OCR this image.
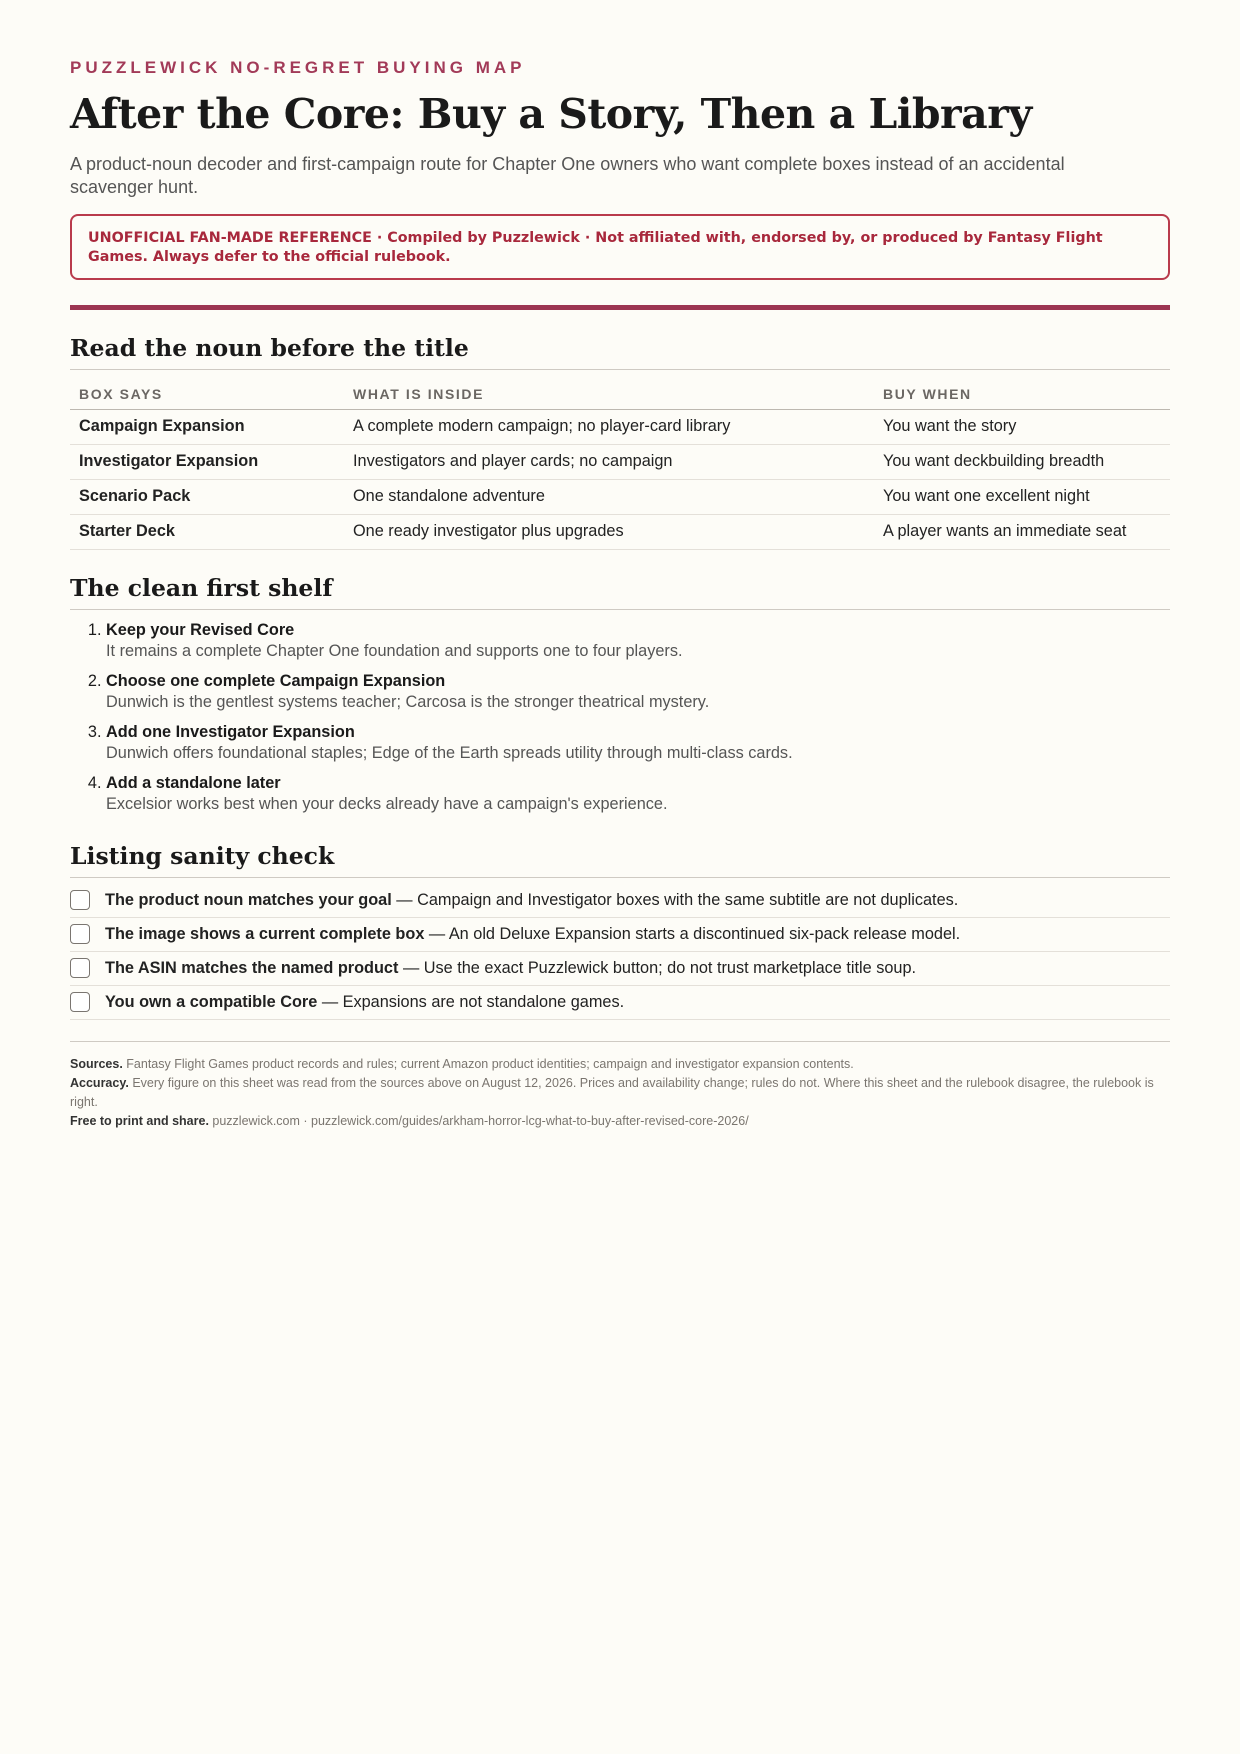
PUZZLEWICK NO-REGRET BUYING MAP

After the Core: Buy a Story, Then a Library

A product-noun decoder and first-campaign route for Chapter One owners who want complete boxes instead of an accidental scavenger hunt.

UNOFFICIAL FAN-MADE REFERENCE · Compiled by Puzzlewick · Not affiliated with, endorsed by, or produced by Fantasy Flight Games. Always defer to the official rulebook.
Read the noun before the title
BOX SAYS	WHAT IS INSIDE	BUY WHEN
Campaign Expansion	A complete modern campaign; no player-card library	You want the story
Investigator Expansion	Investigators and player cards; no campaign	You want deckbuilding breadth
Scenario Pack	One standalone adventure	You want one excellent night
Starter Deck	One ready investigator plus upgrades	A player wants an immediate seat
The clean first shelf
1. Keep your Revised Core
It remains a complete Chapter One foundation and supports one to four players.
2. Choose one complete Campaign Expansion
Dunwich is the gentlest systems teacher; Carcosa is the stronger theatrical mystery.
3. Add one Investigator Expansion
Dunwich offers foundational staples; Edge of the Earth spreads utility through multi-class cards.
4. Add a standalone later
Excelsior works best when your decks already have a campaign's experience.
Listing sanity check
The product noun matches your goal — Campaign and Investigator boxes with the same subtitle are not duplicates.
The image shows a current complete box — An old Deluxe Expansion starts a discontinued six-pack release model.
The ASIN matches the named product — Use the exact Puzzlewick button; do not trust marketplace title soup.
You own a compatible Core — Expansions are not standalone games.
Sources. Fantasy Flight Games product records and rules; current Amazon product identities; campaign and investigator expansion contents.
Accuracy. Every figure on this sheet was read from the sources above on August 12, 2026. Prices and availability change; rules do not. Where this sheet and the rulebook disagree, the rulebook is right.
Free to print and share. puzzlewick.com · puzzlewick.com/guides/arkham-horror-lcg-what-to-buy-after-revised-core-2026/
